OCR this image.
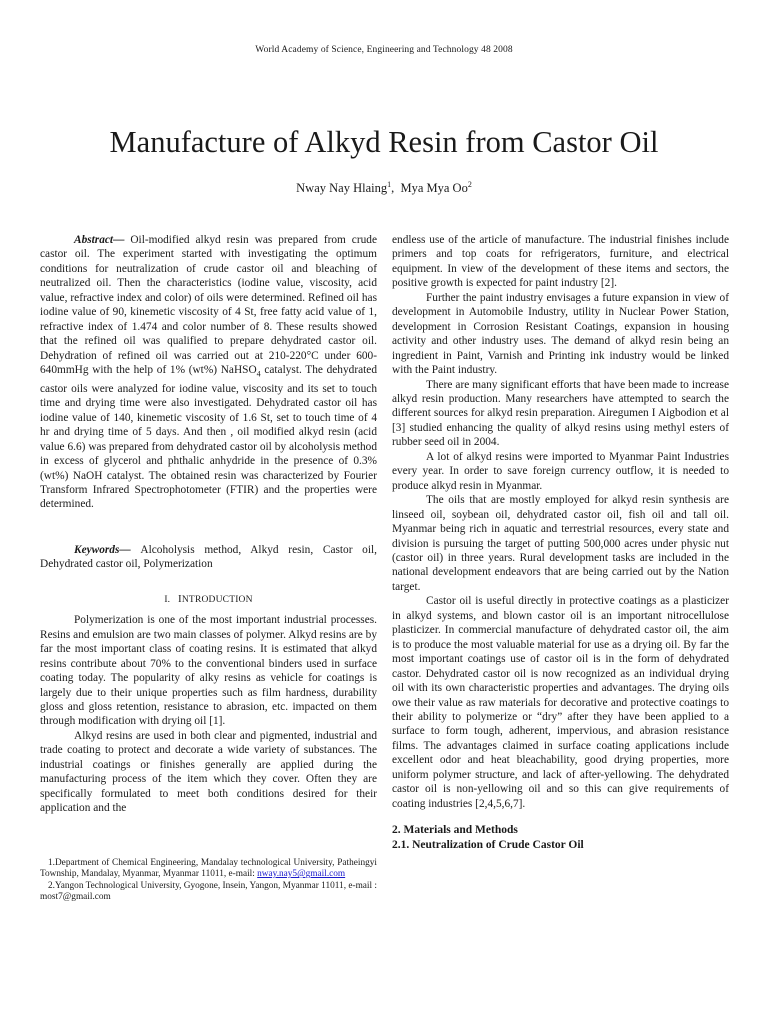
World Academy of Science, Engineering and Technology 48 2008
Manufacture of Alkyd Resin from Castor Oil
Nway Nay Hlaing$^1$,  Mya Mya Oo$^2$

Abstract— Oil-modified alkyd resin was prepared from crude castor oil. The experiment started with investigating the optimum conditions for neutralization of crude castor oil and bleaching of neutralized oil. Then the characteristics (iodine value, viscosity, acid value, refractive index and color) of oils were determined. Refined oil has iodine value of 90, kinemetic viscosity of 4 St, free fatty acid value of 1, refractive index of 1.474 and color number of 8. These results showed that the refined oil was qualified to prepare dehydrated castor oil. Dehydration of refined oil was carried out at 210-220°C under 600-640mmHg with the help of 1% (wt%) NaHSO$_4$ catalyst. The dehydrated castor oils were analyzed for iodine value, viscosity and its set to touch time and drying time were also investigated. Dehydrated castor oil has iodine value of 140, kinemetic viscosity of 1.6 St, set to touch time of 4 hr and drying time of 5 days. And then , oil modified alkyd resin (acid value 6.6) was prepared from dehydrated castor oil by alcoholysis method in excess of glycerol and phthalic anhydride in the presence of 0.3% (wt%) NaOH catalyst. The obtained resin was characterized by Fourier Transform Infrared Spectrophotometer (FTIR) and the properties were determined.

Keywords— Alcoholysis method, Alkyd resin, Castor oil, Dehydrated castor oil, Polymerization

I. INTRODUCTION

Polymerization is one of the most important industrial processes. Resins and emulsion are two main classes of polymer. Alkyd resins are by far the most important class of coating resins. It is estimated that alkyd resins contribute about 70% to the conventional binders used in surface coating today. The popularity of alky resins as vehicle for coatings is largely due to their unique properties such as film hardness, durability gloss and gloss retention, resistance to abrasion, etc. impacted on them through modification with drying oil [1].

Alkyd resins are used in both clear and pigmented, industrial and trade coating to protect and decorate a wide variety of substances. The industrial coatings or finishes generally are applied during the manufacturing process of the item which they cover. Often they are specifically formulated to meet both conditions desired for their application and the

1.Department of Chemical Engineering, Mandalay technological University, Patheingyi Township, Mandalay, Myanmar, Myanmar 11011, e-mail: nway.nay5@gmail.com

2.Yangon Technological University, Gyogone, Insein, Yangon, Myanmar 11011, e-mail : most7@gmail.com

endless use of the article of manufacture. The industrial finishes include primers and top coats for refrigerators, furniture, and electrical equipment. In view of the development of these items and sectors, the positive growth is expected for paint industry [2].

Further the paint industry envisages a future expansion in view of development in Automobile Industry, utility in Nuclear Power Station, development in Corrosion Resistant Coatings, expansion in housing activity and other industry uses. The demand of alkyd resin being an ingredient in Paint, Varnish and Printing ink industry would be linked with the Paint industry.

There are many significant efforts that have been made to increase alkyd resin production. Many researchers have attempted to search the different sources for alkyd resin preparation. Airegumen I Aigbodion et al [3] studied enhancing the quality of alkyd resins using methyl esters of rubber seed oil in 2004.

A lot of alkyd resins were imported to Myanmar Paint Industries every year. In order to save foreign currency outflow, it is needed to produce alkyd resin in Myanmar.

The oils that are mostly employed for alkyd resin synthesis are linseed oil, soybean oil, dehydrated castor oil, fish oil and tall oil. Myanmar being rich in aquatic and terrestrial resources, every state and division is pursuing the target of putting 500,000 acres under physic nut (castor oil) in three years. Rural development tasks are included in the national development endeavors that are being carried out by the Nation target.

Castor oil is useful directly in protective coatings as a plasticizer in alkyd systems, and blown castor oil is an important nitrocellulose plasticizer. In commercial manufacture of dehydrated castor oil, the aim is to produce the most valuable material for use as a drying oil. By far the most important coatings use of castor oil is in the form of dehydrated castor. Dehydrated castor oil is now recognized as an individual drying oil with its own characteristic properties and advantages. The drying oils owe their value as raw materials for decorative and protective coatings to their ability to polymerize or “dry” after they have been applied to a surface to form tough, adherent, impervious, and abrasion resistance films. The advantages claimed in surface coating applications include excellent odor and heat bleachability, good drying properties, more uniform polymer structure, and lack of after-yellowing. The dehydrated castor oil is non-yellowing oil and so this can give requirements of coating industries [2,4,5,6,7].

2. Materials and Methods

2.1. Neutralization of Crude Castor Oil
